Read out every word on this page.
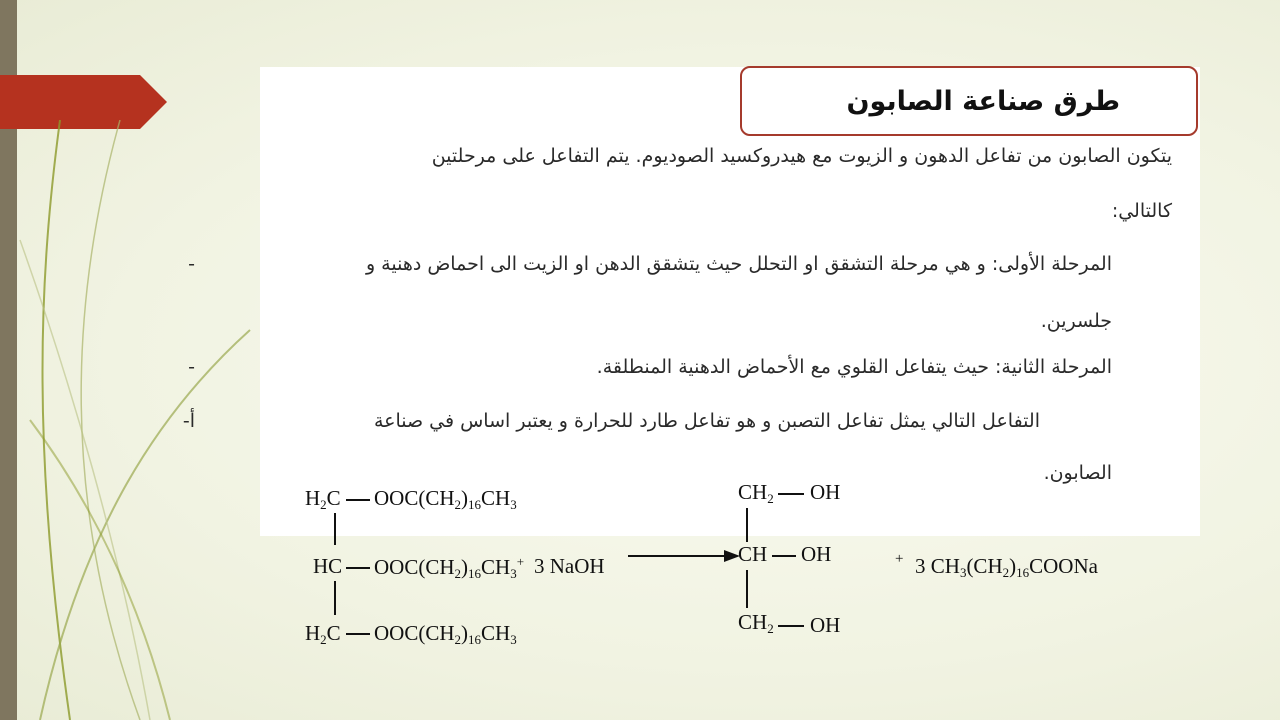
طرق صناعة الصابون
يتكون الصابون من تفاعل الدهون و الزيوت مع هيدروكسيد الصوديوم. يتم التفاعل على مرحلتين
كالتالي:
المرحلة الأولى: و هي مرحلة التشقق او التحلل حيث يتشقق الدهن او الزيت الى احماض دهنية و
-
جلسرين.
المرحلة الثانية: حيث يتفاعل القلوي مع الأحماض الدهنية المنطلقة.
-
التفاعل التالي يمثل تفاعل التصبن و هو تفاعل طارد للحرارة و يعتبر اساس في صناعة
أ-
الصابون.
$H_2C$ $OOC(CH_2)_{16}CH_3$
HC $OOC(CH_2)_{16}CH_3^+$ 3 NaOH
$H_2C$ $OOC(CH_2)_{16}CH_3$
$CH_2$ OH
CH OH
$CH_2$ OH
+ 3 $CH_3(CH_2)_{16}COONa$
